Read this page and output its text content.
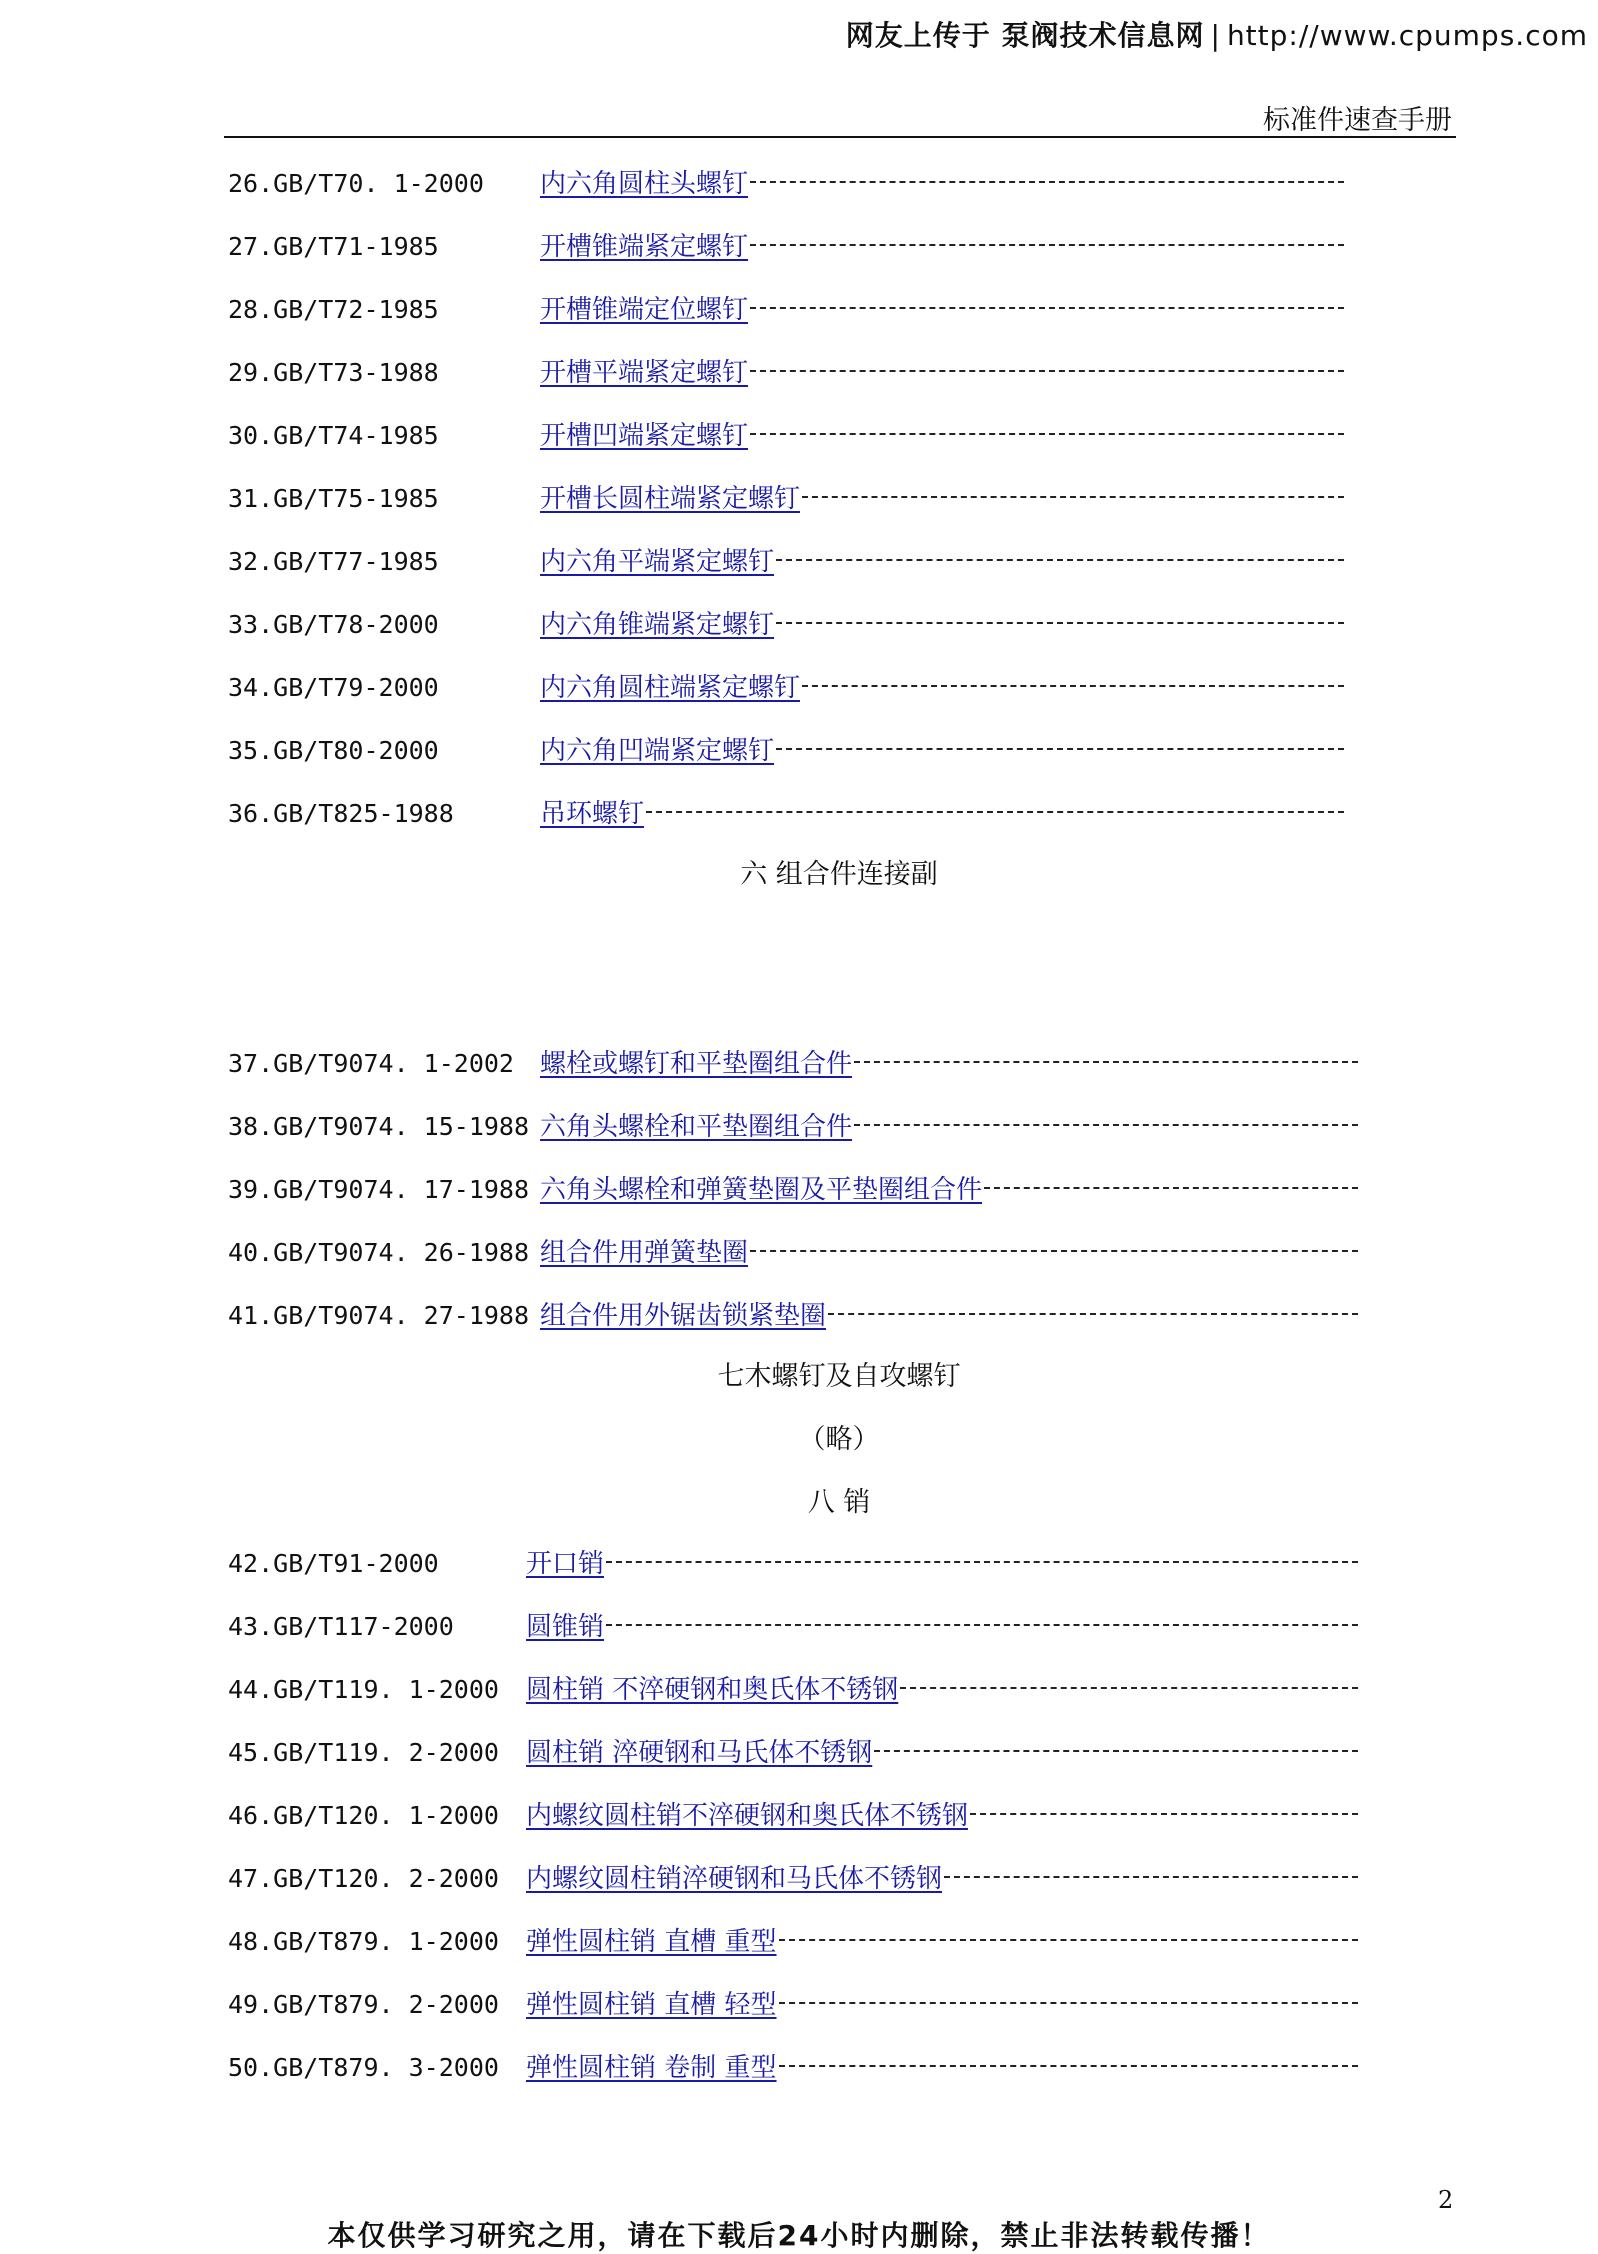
网友上传于 泵阀技术信息网 | http://www.cpumps.com
标准件速查手册
26.GB/T70. 1-2000 内六角圆柱头螺钉
27.GB/T71-1985	开槽锥端紧定螺钉
28.GB/T72-1985	开槽锥端定位螺钉
29.GB/T73-1988	开槽平端紧定螺钉
30.GB/T74-1985	开槽凹端紧定螺钉
31.GB/T75-1985	开槽长圆柱端紧定螺钉
32.GB/T77-1985	内六角平端紧定螺钉
33.GB/T78-2000	内六角锥端紧定螺钉
34.GB/T79-2000	内六角圆柱端紧定螺钉
35.GB/T80-2000	内六角凹端紧定螺钉
36.GB/T825-1988	吊环螺钉
六 组合件连接副
37.GB/T9074. 1-2002 螺栓或螺钉和平垫圈组合件
38.GB/T9074. 15-1988 六角头螺栓和平垫圈组合件
39.GB/T9074. 17-1988 六角头螺栓和弹簧垫圈及平垫圈组合件
40.GB/T9074. 26-1988 组合件用弹簧垫圈
41.GB/T9074. 27-1988 组合件用外锯齿锁紧垫圈
七木螺钉及自攻螺钉
（略）
八 销
42.GB/T91-2000	开口销
43.GB/T117-2000	圆锥销
44.GB/T119. 1-2000 圆柱销 不淬硬钢和奥氏体不锈钢
45.GB/T119. 2-2000 圆柱销 淬硬钢和马氏体不锈钢
46.GB/T120. 1-2000 内螺纹圆柱销不淬硬钢和奥氏体不锈钢
47.GB/T120. 2-2000 内螺纹圆柱销淬硬钢和马氏体不锈钢
48.GB/T879. 1-2000 弹性圆柱销 直槽 重型
49.GB/T879. 2-2000 弹性圆柱销 直槽 轻型
50.GB/T879. 3-2000 弹性圆柱销 卷制 重型
2
本仅供学习研究之用，请在下载后24小时内删除，禁止非法转载传播！
